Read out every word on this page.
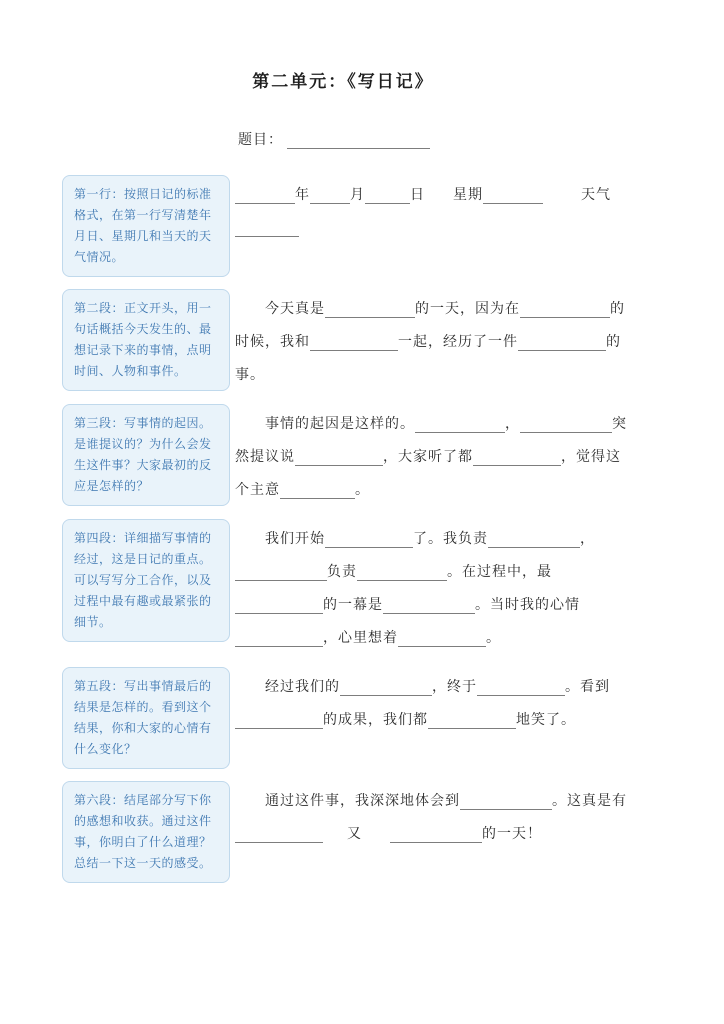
第二单元：《写日记》
题目：
第一行：按照日记的标准格式，在第一行写清楚年月日、星期几和当天的天气情况。
年	月	日 星期	天气
第二段：正文开头，用一句话概括今天发生的、最想记录下来的事情，点明时间、人物和事件。
今天真是	的一天，因为在	的
时候，我和	一起，经历了一件	的
事。
第三段：写事情的起因。是谁提议的？为什么会发生这件事？大家最初的反应是怎样的？
事情的起因是这样的。	，	突
然提议说	，大家听了都	，觉得这
个主意	。
第四段：详细描写事情的经过，这是日记的重点。可以写写分工合作，以及过程中最有趣或最紧张的细节。
我们开始	了。我负责	，
负责	。在过程中，最
的一幕是	。当时我的心情
，心里想着	。
第五段：写出事情最后的结果是怎样的。看到这个结果，你和大家的心情有什么变化？
经过我们的	，终于	。看到
的成果，我们都	地笑了。
第六段：结尾部分写下你的感想和收获。通过这件事，你明白了什么道理？总结一下这一天的感受。
通过这件事，我深深地体会到	。这真是有
又	的一天！
